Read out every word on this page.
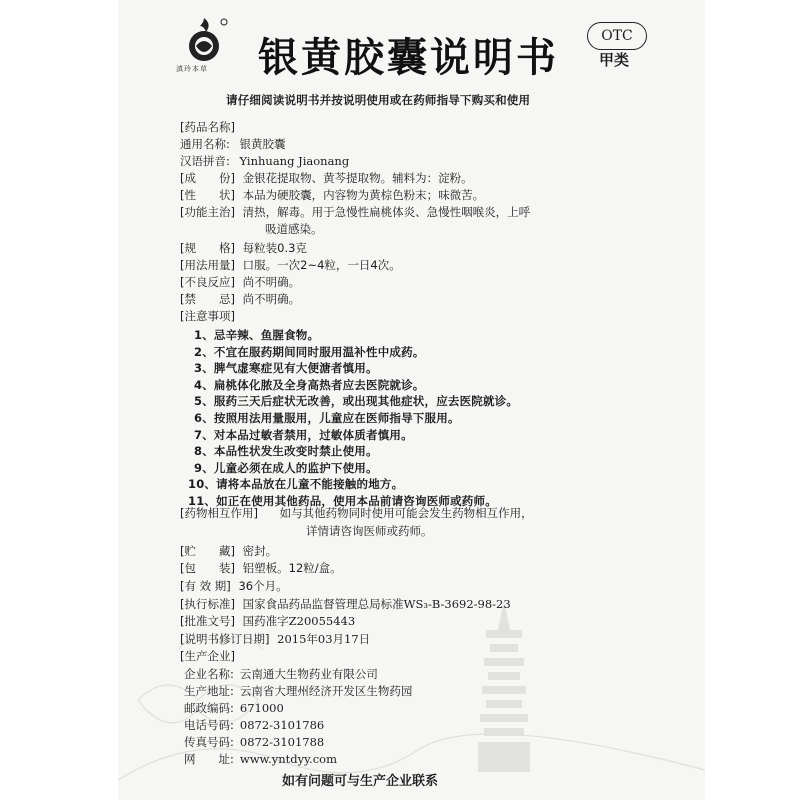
滇玲本草 银黄胶囊说明书	OTC
甲类
请仔细阅读说明书并按说明使用或在药师指导下购买和使用
[药品名称]
通用名称: 银黄胶囊
汉语拼音: Yinhuang Jiaonang
[成　　份] 金银花提取物、黄芩提取物。辅料为：淀粉。
[性　　状] 本品为硬胶囊，内容物为黄棕色粉末；味微苦。
[功能主治] 清热，解毒。用于急慢性扁桃体炎、急慢性咽喉炎，上呼
吸道感染。
[规　　格] 每粒装0.3克
[用法用量] 口服。一次2~4粒，一日4次。
[不良反应] 尚不明确。
[禁　　忌] 尚不明确。
[注意事项]
1、忌辛辣、鱼腥食物。
2、不宜在服药期间同时服用温补性中成药。
3、脾气虚寒症见有大便溏者慎用。
4、扁桃体化脓及全身高热者应去医院就诊。
5、服药三天后症状无改善，或出现其他症状，应去医院就诊。
6、按照用法用量服用，儿童应在医师指导下服用。
7、对本品过敏者禁用，过敏体质者慎用。
8、本品性状发生改变时禁止使用。
9、儿童必须在成人的监护下使用。
10、请将本品放在儿童不能接触的地方。
11、如正在使用其他药品，使用本品前请咨询医师或药师。
[药物相互作用] 如与其他药物同时使用可能会发生药物相互作用，
详情请咨询医师或药师。
[贮　　藏] 密封。
[包　　装] 铝塑板。12粒/盒。
[有 效 期] 36个月。
[执行标准] 国家食品药品监督管理总局标准WS₃-B-3692-98-23
[批准文号] 国药准字Z20055443
[说明书修订日期] 2015年03月17日
[生产企业]
企业名称: 云南通大生物药业有限公司
生产地址: 云南省大理州经济开发区生物药园
邮政编码: 671000
电话号码: 0872-3101786
传真号码: 0872-3101788
网　　址: www.yntdyy.com
如有问题可与生产企业联系
